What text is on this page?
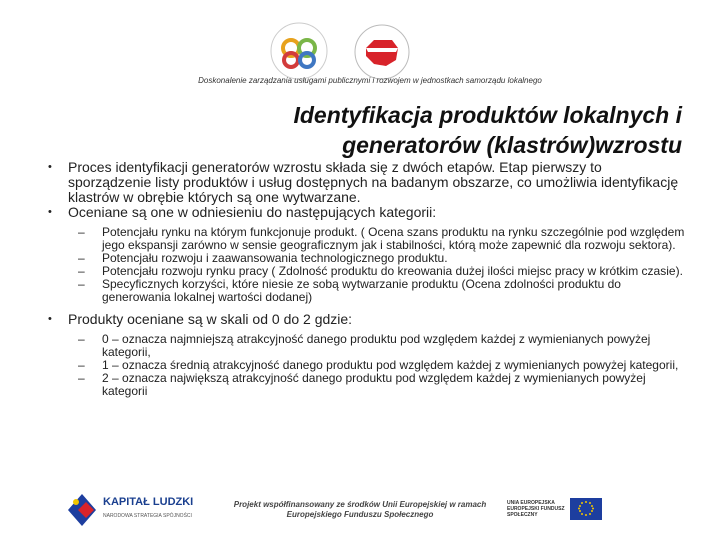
Doskonalenie zarządzania usługami publicznymi i rozwojem w jednostkach samorządu lokalnego
Identyfikacja produktów lokalnych i
generatorów (klastrów)wzrostu
• Proces identyfikacji generatorów wzrostu składa się z dwóch etapów. Etap pierwszy to sporządzenie listy produktów i usług dostępnych na badanym obszarze, co umożliwia identyfikację klastrów w obrębie których są one wytwarzane.
• Oceniane są one w odniesieniu do następujących kategorii:
– Potencjału rynku na którym funkcjonuje produkt. ( Ocena szans produktu na rynku szczególnie pod względem jego ekspansji zarówno w sensie geograficznym jak i stabilności, którą może zapewnić dla rozwoju sektora).
– Potencjału rozwoju i zaawansowania technologicznego produktu.
– Potencjału rozwoju rynku pracy ( Zdolność produktu do kreowania dużej ilości miejsc pracy w krótkim czasie).
– Specyficznych korzyści, które niesie ze sobą wytwarzanie produktu (Ocena zdolności produktu do generowania lokalnej wartości dodanej)
• Produkty oceniane są w skali od 0 do 2 gdzie:
– 0 – oznacza najmniejszą atrakcyjność danego produktu pod względem każdej z wymienianych powyżej kategorii,
– 1 – oznacza średnią atrakcyjność danego produktu pod względem każdej z wymienianych powyżej kategorii,
– 2 – oznacza największą atrakcyjność danego produktu pod względem każdej z wymienianych powyżej kategorii
KAPITAŁ LUDZKI
NARODOWA STRATEGIA SPÓJNOŚCI
Projekt współfinansowany ze środków Unii Europejskiej w ramach Europejskiego Funduszu Społecznego
UNIA EUROPEJSKA EUROPEJSKI FUNDUSZ SPOŁECZNY
